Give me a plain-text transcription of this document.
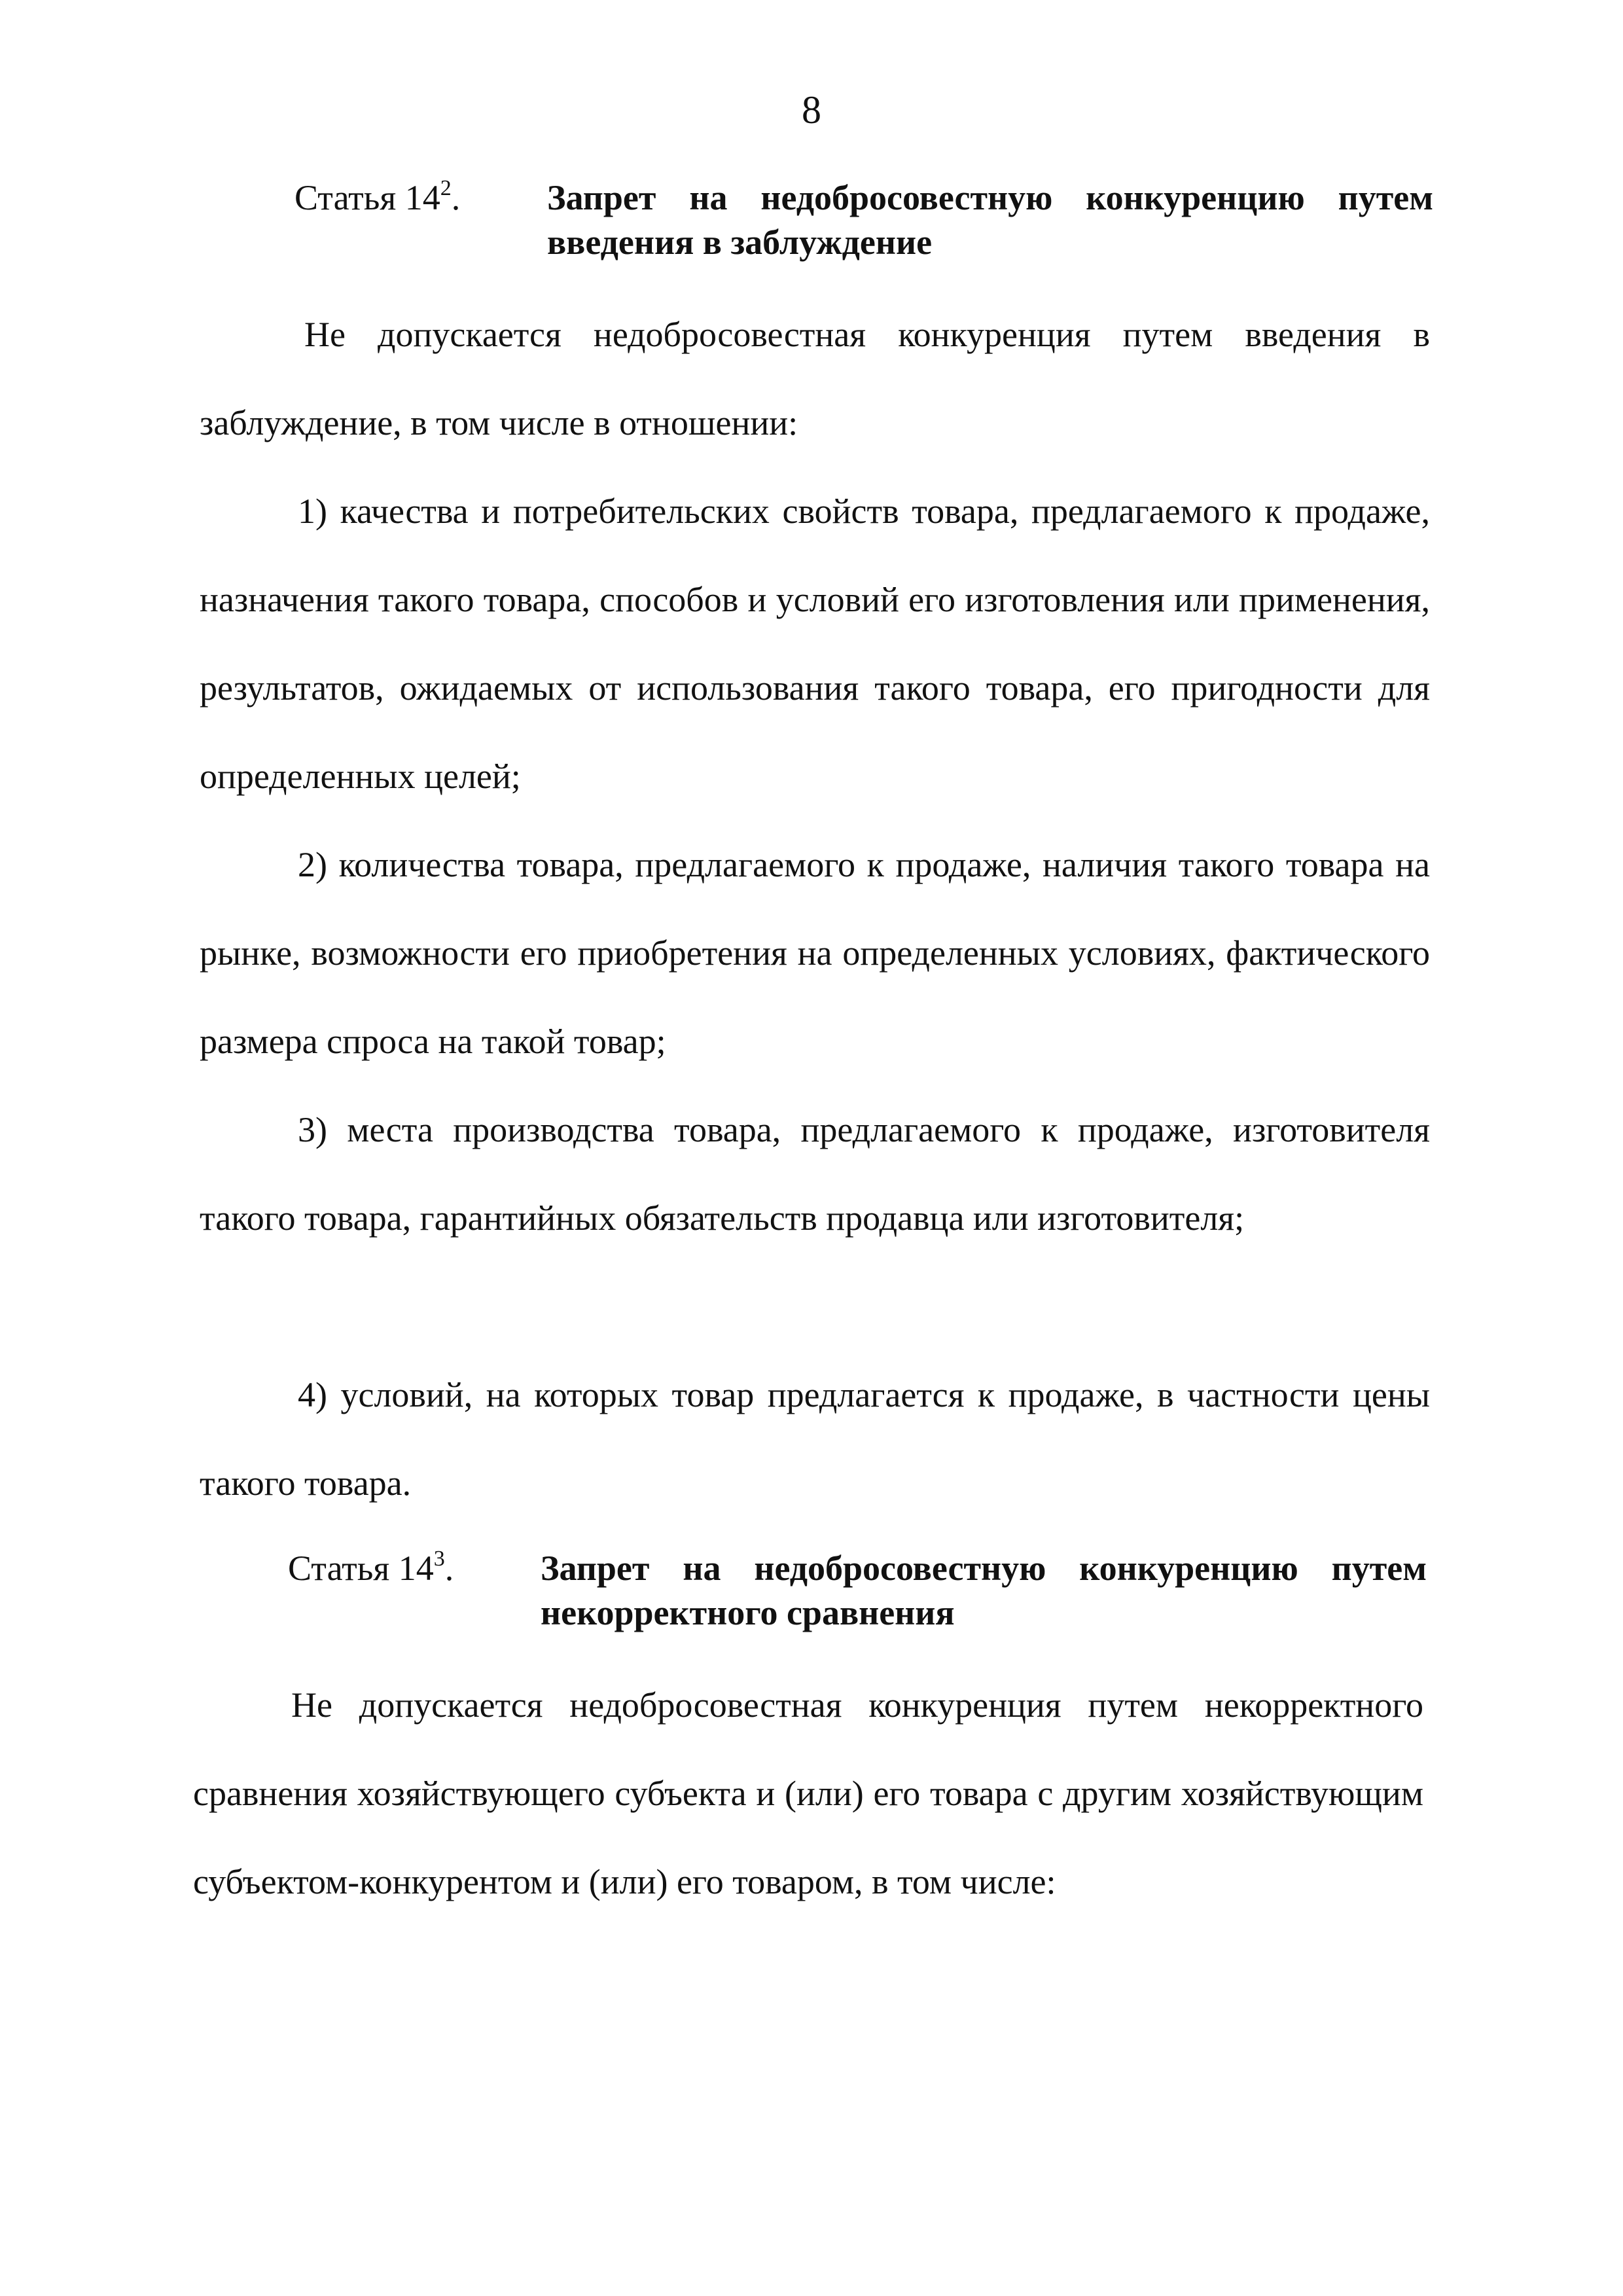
8
Статья $14^2$. Запрет на недобросовестную конкуренцию путем введения в заблуждение

Не допускается недобросовестная конкуренция путем введения в заблуждение, в том числе в отношении:

1) качества и потребительских свойств товара, предлагаемого к продаже, назначения такого товара, способов и условий его изготовления или применения, результатов, ожидаемых от использования такого товара, его пригодности для определенных целей;

2) количества товара, предлагаемого к продаже, наличия такого товара на рынке, возможности его приобретения на определенных условиях, фактического размера спроса на такой товар;

3) места производства товара, предлагаемого к продаже, изготовителя такого товара, гарантийных обязательств продавца или изготовителя;

4) условий, на которых товар предлагается к продаже, в частности цены такого товара.

Статья $14^3$. Запрет на недобросовестную конкуренцию путем некорректного сравнения

Не допускается недобросовестная конкуренция путем некорректного сравнения хозяйствующего субъекта и (или) его товара с другим хозяйствующим субъектом-конкурентом и (или) его товаром, в том числе:
